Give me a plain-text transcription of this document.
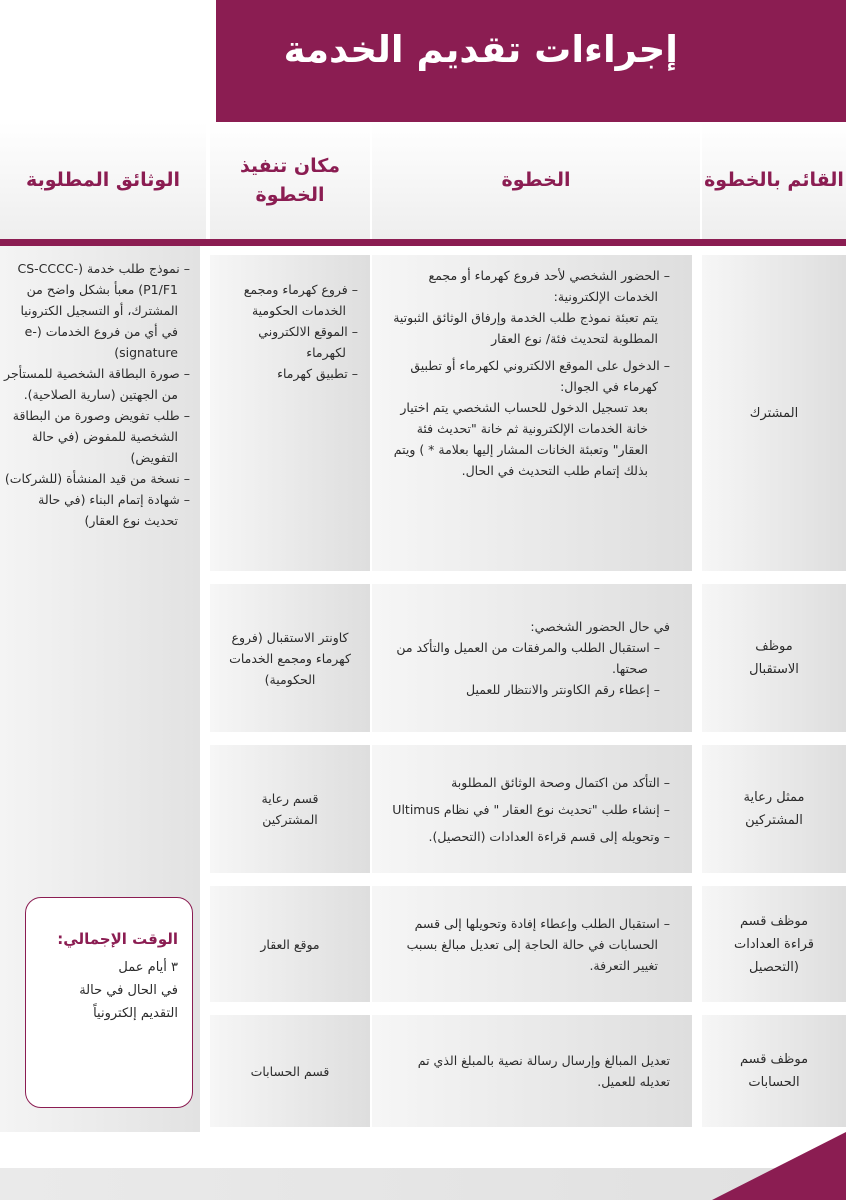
إجراءات تقديم الخدمة
القائم بالخطوة
الخطوة
مكان تنفيذ الخطوة
الوثائق المطلوبة
– نموذج طلب خدمة (CS-CCCC-P1/F1) معبأ بشكل واضح من المشترك، أو التسجيل الكترونيا في أي من فروع الخدمات (e-signature)
– صورة البطاقة الشخصية للمستأجر من الجهتين (سارية الصلاحية).
– طلب تفويض وصورة من البطاقة الشخصية للمفوض (في حالة التفويض)
– نسخة من قيد المنشأة (للشركات)
– شهادة إتمام البناء (في حالة تحديث نوع العقار)
الوقت الإجمالي:
٣ أيام عمل
في الحال في حالة
التقديم إلكترونياً
المشترك
– الحضور الشخصي لأحد فروع كهرماء أو مجمع الخدمات الإلكترونية:
يتم تعبئة نموذج طلب الخدمة وإرفاق الوثائق الثبوتية المطلوبة لتحديث فئة/ نوع العقار
– الدخول على الموقع الالكتروني لكهرماء أو تطبيق كهرماء في الجوال:
بعد تسجيل الدخول للحساب الشخصي يتم اختيار خانة الخدمات الإلكترونية ثم خانة "تحديث فئة العقار" وتعبئة الخانات المشار إليها بعلامة * ) ويتم بذلك إتمام طلب التحديث في الحال.
– فروع كهرماء ومجمع الخدمات الحكومية
– الموقع الالكتروني لكهرماء
– تطبيق كهرماء
موظف الاستقبال
في حال الحضور الشخصي:
– استقبال الطلب والمرفقات من العميل والتأكد من صحتها.
– إعطاء رقم الكاونتر والانتظار للعميل
كاونتر الاستقبال (فروع كهرماء ومجمع الخدمات الحكومية)
ممثل رعاية المشتركين
– التأكد من اكتمال وصحة الوثائق المطلوبة
– إنشاء طلب "تحديث نوع العقار " في نظام Ultimus
– وتحويله إلى قسم قراءة العدادات (التحصيل).
قسم رعاية المشتركين
موظف قسم قراءة العدادات (التحصيل
– استقبال الطلب وإعطاء إفادة وتحويلها إلى قسم الحسابات في حالة الحاجة إلى تعديل مبالغ بسبب تغيير التعرفة.
موقع العقار
موظف قسم الحسابات
تعديل المبالغ وإرسال رسالة نصية بالمبلغ الذي تم تعديله للعميل.
قسم الحسابات
